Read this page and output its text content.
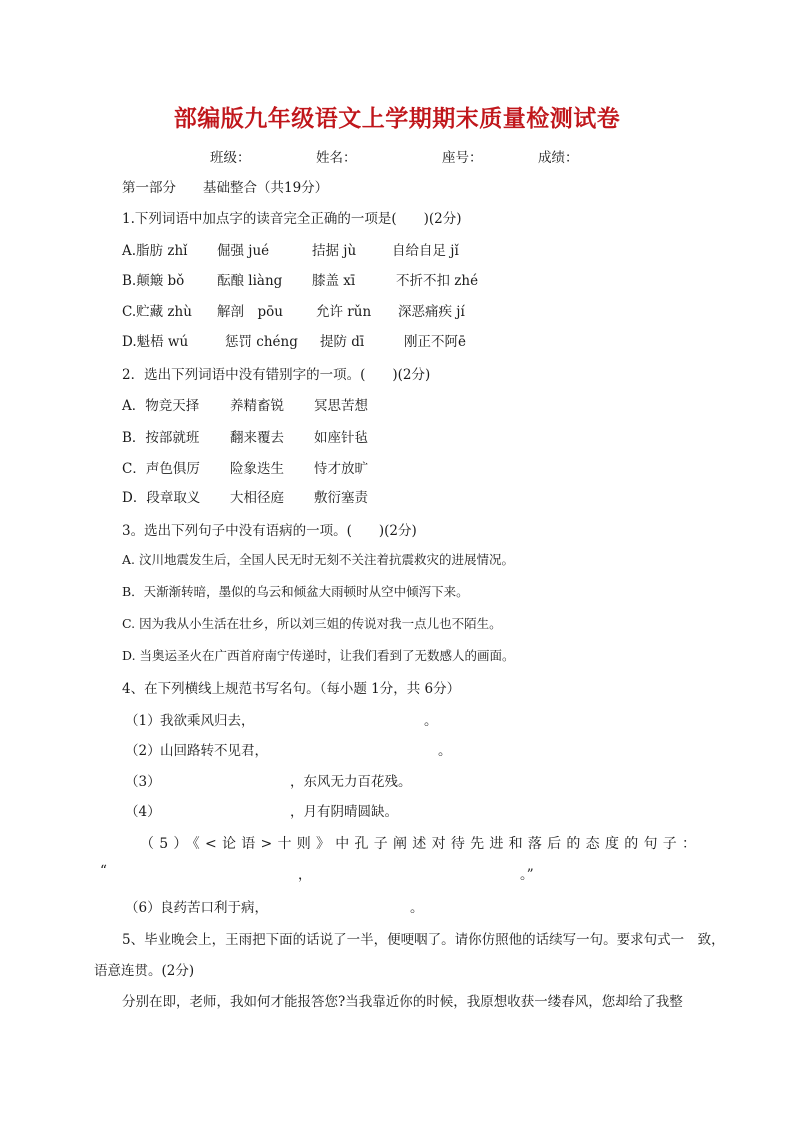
部编版九年级语文上学期期末质量检测试卷
班级：	姓名：	座号：	成绩：
第一部分　　基础整合（共19分）
1.下列词语中加点字的读音完全正确的一项是(　　)(2分)
A.脂肪 zhǐ 倔强 jué	拮据 jù	自给自足 jǐ
B.颠簸 bǒ 酝酿 liàng 膝盖 xī	不折不扣 zhé
C.贮藏 zhù 解剖　pōu 允许 rǔn 深恶痛疾 jí
D.魁梧 wú	惩罚 chéng 提防 dī	刚正不阿ē
2．选出下列词语中没有错别字的一项。(　　)(2分)
A．物竞天择 养精畜锐 冥思苦想
B．按部就班 翻来覆去 如座针毡
C．声色俱厉 险象迭生 恃才放旷
D．段章取义 大相径庭 敷衍塞责
3。选出下列句子中没有语病的一项。(　　)(2分)
A. 汶川地震发生后，全国人民无时无刻不关注着抗震救灾的进展情况。
B．天渐渐转暗，墨似的乌云和倾盆大雨顿时从空中倾泻下来。
C. 因为我从小生活在壮乡，所以刘三姐的传说对我一点儿也不陌生。
D. 当奥运圣火在广西首府南宁传递时，让我们看到了无数感人的画面。
4、在下列横线上规范书写名句。（每小题 1分，共 6分）
（1） 我欲乘风归去，	。
（2） 山回路转不见君，	。
（3）	，东风无力百花残。
（4）	，月有阴晴圆缺。
（5）《<论语>十则》中孔子阐述对待先进和落后的态度的句子：
“	，	。”
（6） 良药苦口利于病，	。
5、毕业晚会上，王雨把下面的话说了一半，便哽咽了。请你仿照他的话续写一句。要求句式一　致，
语意连贯。(2分)
分别在即，老师，我如何才能报答您?当我靠近你的时候，我原想收获一缕春风，您却给了我整
